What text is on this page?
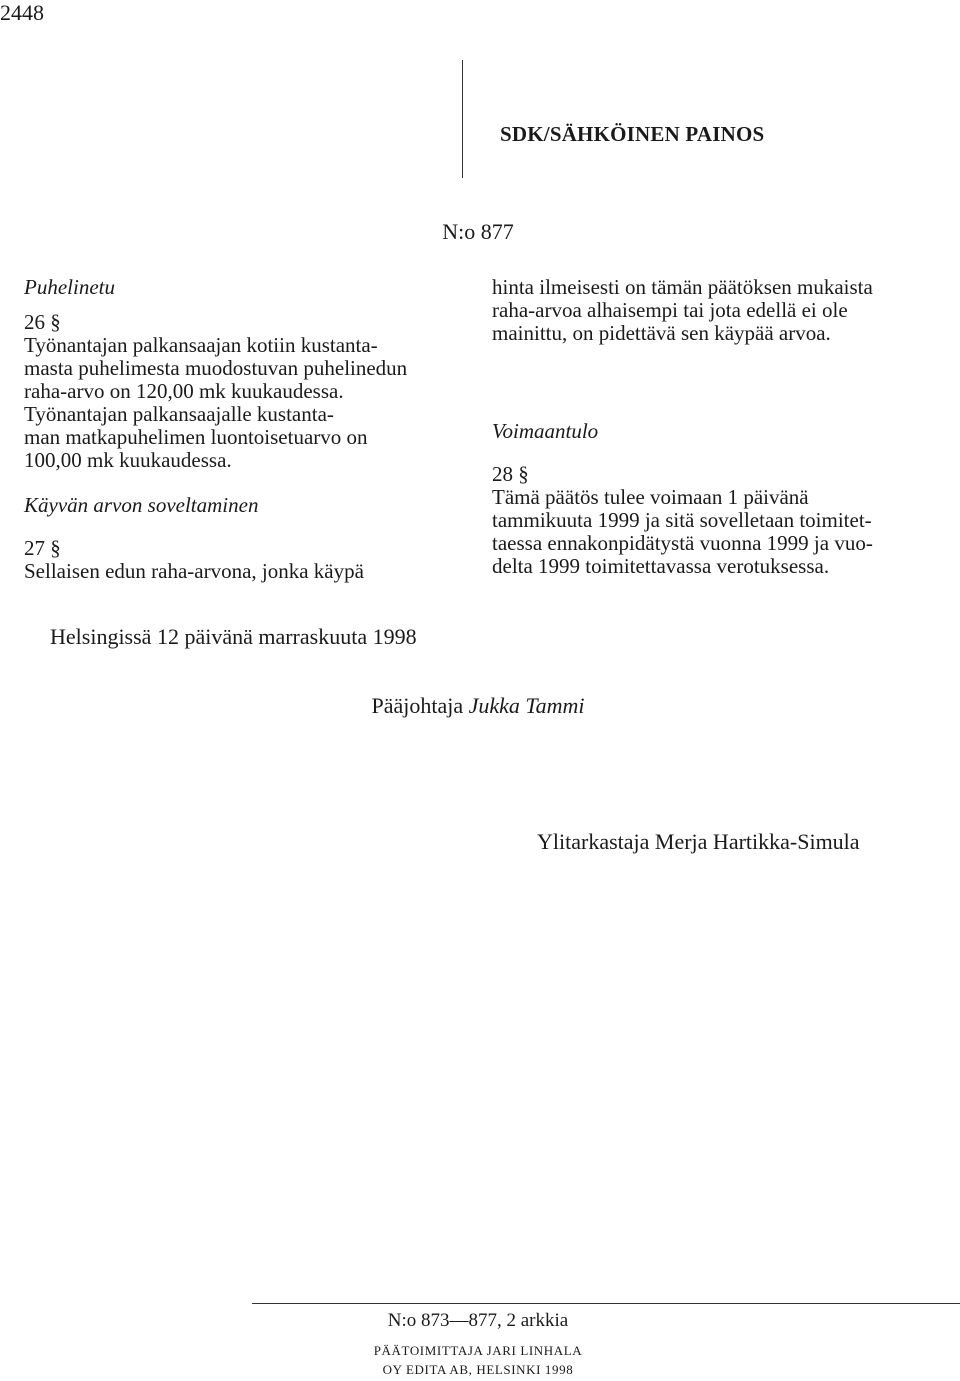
2448
SDK/SÄHKÖINEN PAINOS
N:o 877

Puhelinetu

26 §

Työnantajan palkansaajan kotiin kustanta-

masta puhelimesta muodostuvan puhelinedun

raha-arvo on 120,00 mk kuukaudessa.

Työnantajan palkansaajalle kustanta-

man matkapuhelimen luontoisetuarvo on

100,00 mk kuukaudessa.

Käyvän arvon soveltaminen

27 §

Sellaisen edun raha-arvona, jonka käypä

hinta ilmeisesti on tämän päätöksen mukaista

raha-arvoa alhaisempi tai jota edellä ei ole

mainittu, on pidettävä sen käypää arvoa.

Voimaantulo

28 §

Tämä päätös tulee voimaan 1 päivänä

tammikuuta 1999 ja sitä sovelletaan toimitet-

taessa ennakonpidätystä vuonna 1999 ja vuo-

delta 1999 toimitettavassa verotuksessa.

Helsingissä 12 päivänä marraskuuta 1998
Pääjohtaja Jukka Tammi
Ylitarkastaja Merja Hartikka-Simula
N:o 873—877, 2 arkkia
PÄÄTOIMITTAJA JARI LINHALA
OY EDITA AB, HELSINKI 1998
